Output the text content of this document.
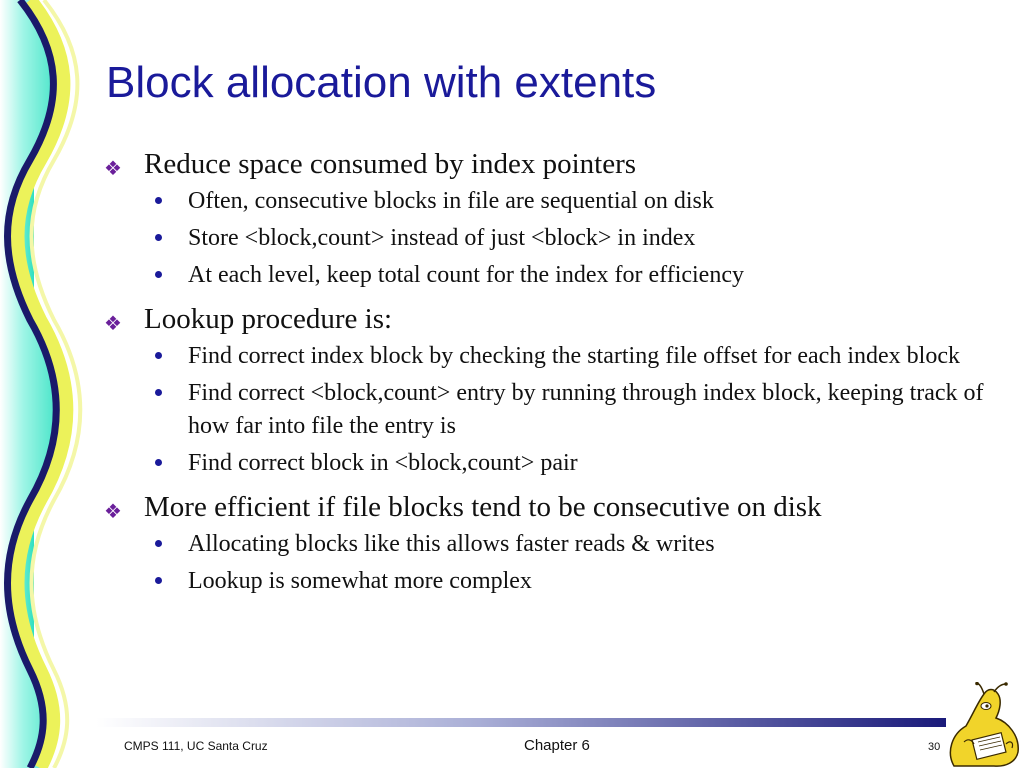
Block allocation with extents
❖ Reduce space consumed by index pointers
Often, consecutive blocks in file are sequential on disk
Store <block,count> instead of just <block> in index
At each level, keep total count for the index for efficiency
❖ Lookup procedure is:
Find correct index block by checking the starting file offset for each index block
Find correct <block,count> entry by running through index block, keeping track of how far into file the entry is
Find correct block in <block,count> pair
❖ More efficient if file blocks tend to be consecutive on disk
Allocating blocks like this allows faster reads & writes
Lookup is somewhat more complex
CMPS 111, UC Santa Cruz	Chapter 6	30
